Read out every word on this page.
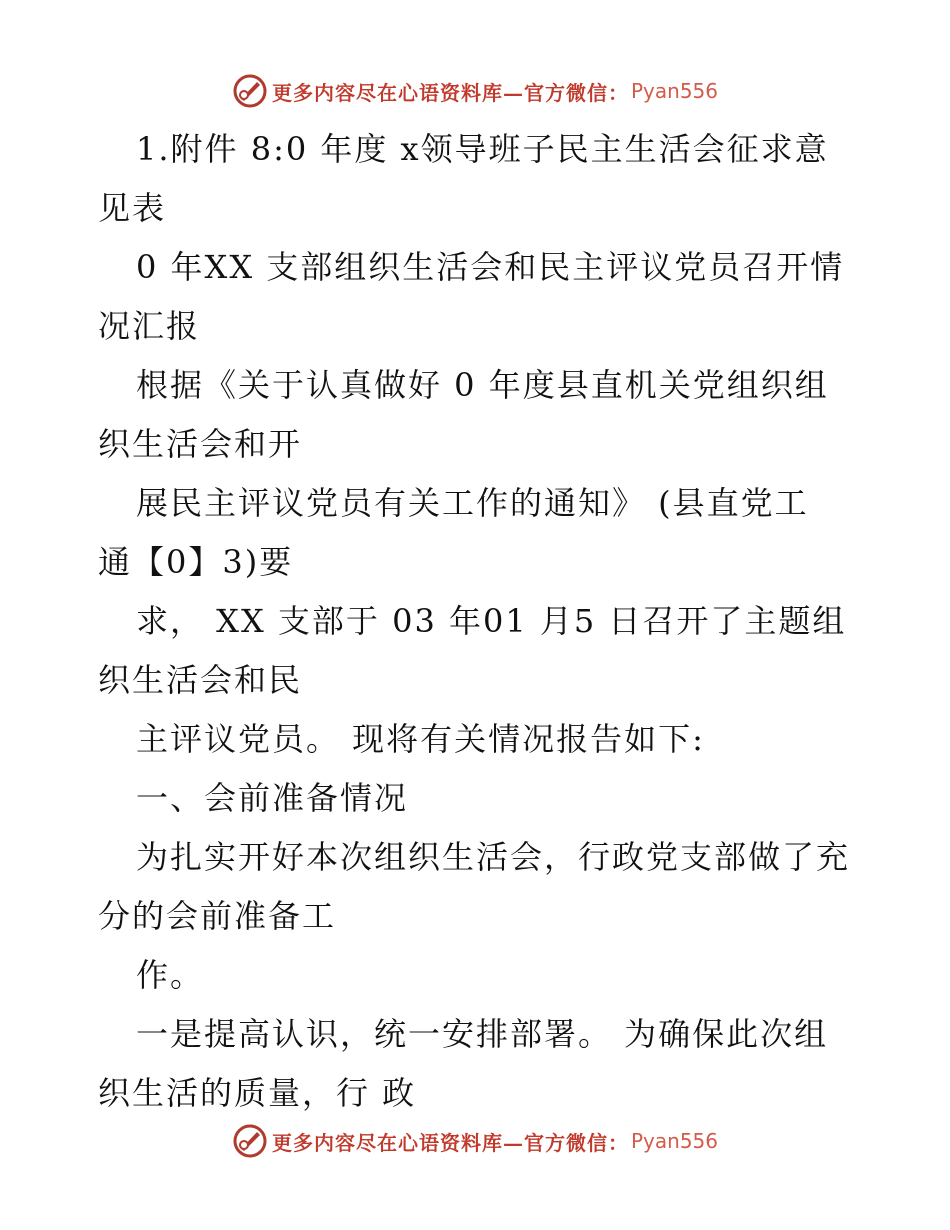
更多内容尽在心语资料库—官方微信： Pyan556
1.附件 8:0 年度 x领导班子民主生活会征求意
见表
0 年XX 支部组织生活会和民主评议党员召开情
况汇报
根据《关于认真做好 0 年度县直机关党组织组
织生活会和开
展民主评议党员有关工作的通知》 (县直党工
通【0】3)要
求， XX 支部于 03 年01 月5 日召开了主题组
织生活会和民
主评议党员。 现将有关情况报告如下:
一、会前准备情况
为扎实开好本次组织生活会，行政党支部做了充
分的会前准备工
作。
一是提高认识，统一安排部署。 为确保此次组
织生活的质量，行 政
更多内容尽在心语资料库—官方微信： Pyan556
